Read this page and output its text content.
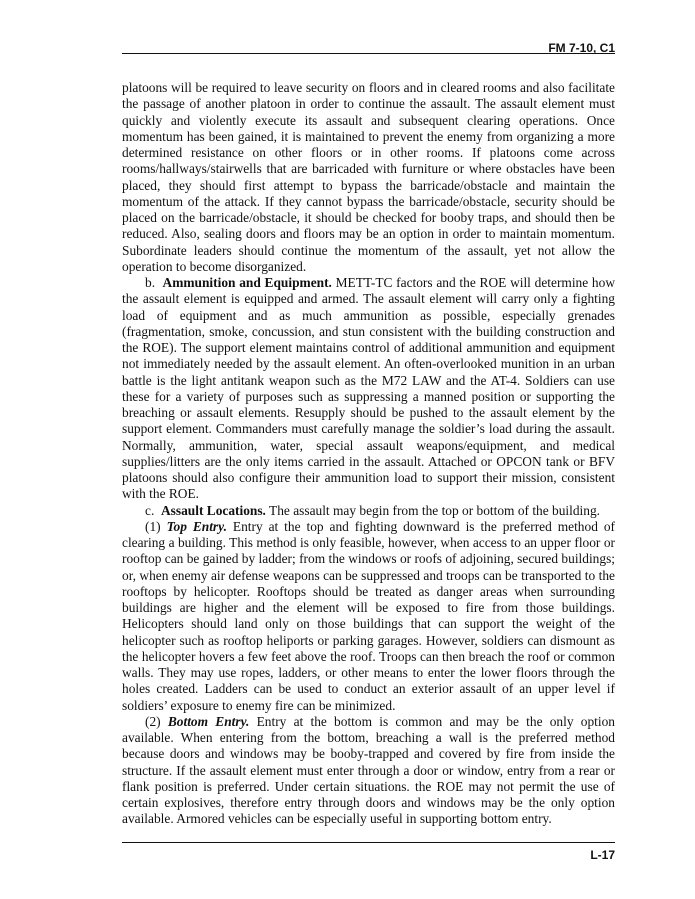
FM 7-10, C1

platoons will be required to leave security on floors and in cleared rooms and also facilitate the passage of another platoon in order to continue the assault. The assault element must quickly and violently execute its assault and subsequent clearing operations. Once momentum has been gained, it is maintained to prevent the enemy from organizing a more determined resistance on other floors or in other rooms. If platoons come across rooms/hallways/stairwells that are barricaded with furniture or where obstacles have been placed, they should first attempt to bypass the barricade/obstacle and maintain the momentum of the attack. If they cannot bypass the barricade/obstacle, security should be placed on the barricade/obstacle, it should be checked for booby traps, and should then be reduced. Also, sealing doors and floors may be an option in order to maintain momentum. Subordinate leaders should continue the momentum of the assault, yet not allow the operation to become disorganized.

b. Ammunition and Equipment. METT-TC factors and the ROE will determine how the assault element is equipped and armed. The assault element will carry only a fighting load of equipment and as much ammunition as possible, especially grenades (fragmentation, smoke, concussion, and stun consistent with the building construction and the ROE). The support element maintains control of additional ammunition and equipment not immediately needed by the assault element. An often-overlooked munition in an urban battle is the light antitank weapon such as the M72 LAW and the AT-4. Soldiers can use these for a variety of purposes such as suppressing a manned position or supporting the breaching or assault elements. Resupply should be pushed to the assault element by the support element. Commanders must carefully manage the soldier’s load during the assault. Normally, ammunition, water, special assault weapons/equipment, and medical supplies/litters are the only items carried in the assault. Attached or OPCON tank or BFV platoons should also configure their ammunition load to support their mission, consistent with the ROE.

c. Assault Locations. The assault may begin from the top or bottom of the building.

(1) Top Entry. Entry at the top and fighting downward is the preferred method of clearing a building. This method is only feasible, however, when access to an upper floor or rooftop can be gained by ladder; from the windows or roofs of adjoining, secured buildings; or, when enemy air defense weapons can be suppressed and troops can be transported to the rooftops by helicopter. Rooftops should be treated as danger areas when surrounding buildings are higher and the element will be exposed to fire from those buildings. Helicopters should land only on those buildings that can support the weight of the helicopter such as rooftop heliports or parking garages. However, soldiers can dismount as the helicopter hovers a few feet above the roof. Troops can then breach the roof or common walls. They may use ropes, ladders, or other means to enter the lower floors through the holes created. Ladders can be used to conduct an exterior assault of an upper level if soldiers’ exposure to enemy fire can be minimized.

(2) Bottom Entry. Entry at the bottom is common and may be the only option available. When entering from the bottom, breaching a wall is the preferred method because doors and windows may be booby-trapped and covered by fire from inside the structure. If the assault element must enter through a door or window, entry from a rear or flank position is preferred. Under certain situations. the ROE may not permit the use of certain explosives, therefore entry through doors and windows may be the only option available. Armored vehicles can be especially useful in supporting bottom entry.

L-17
